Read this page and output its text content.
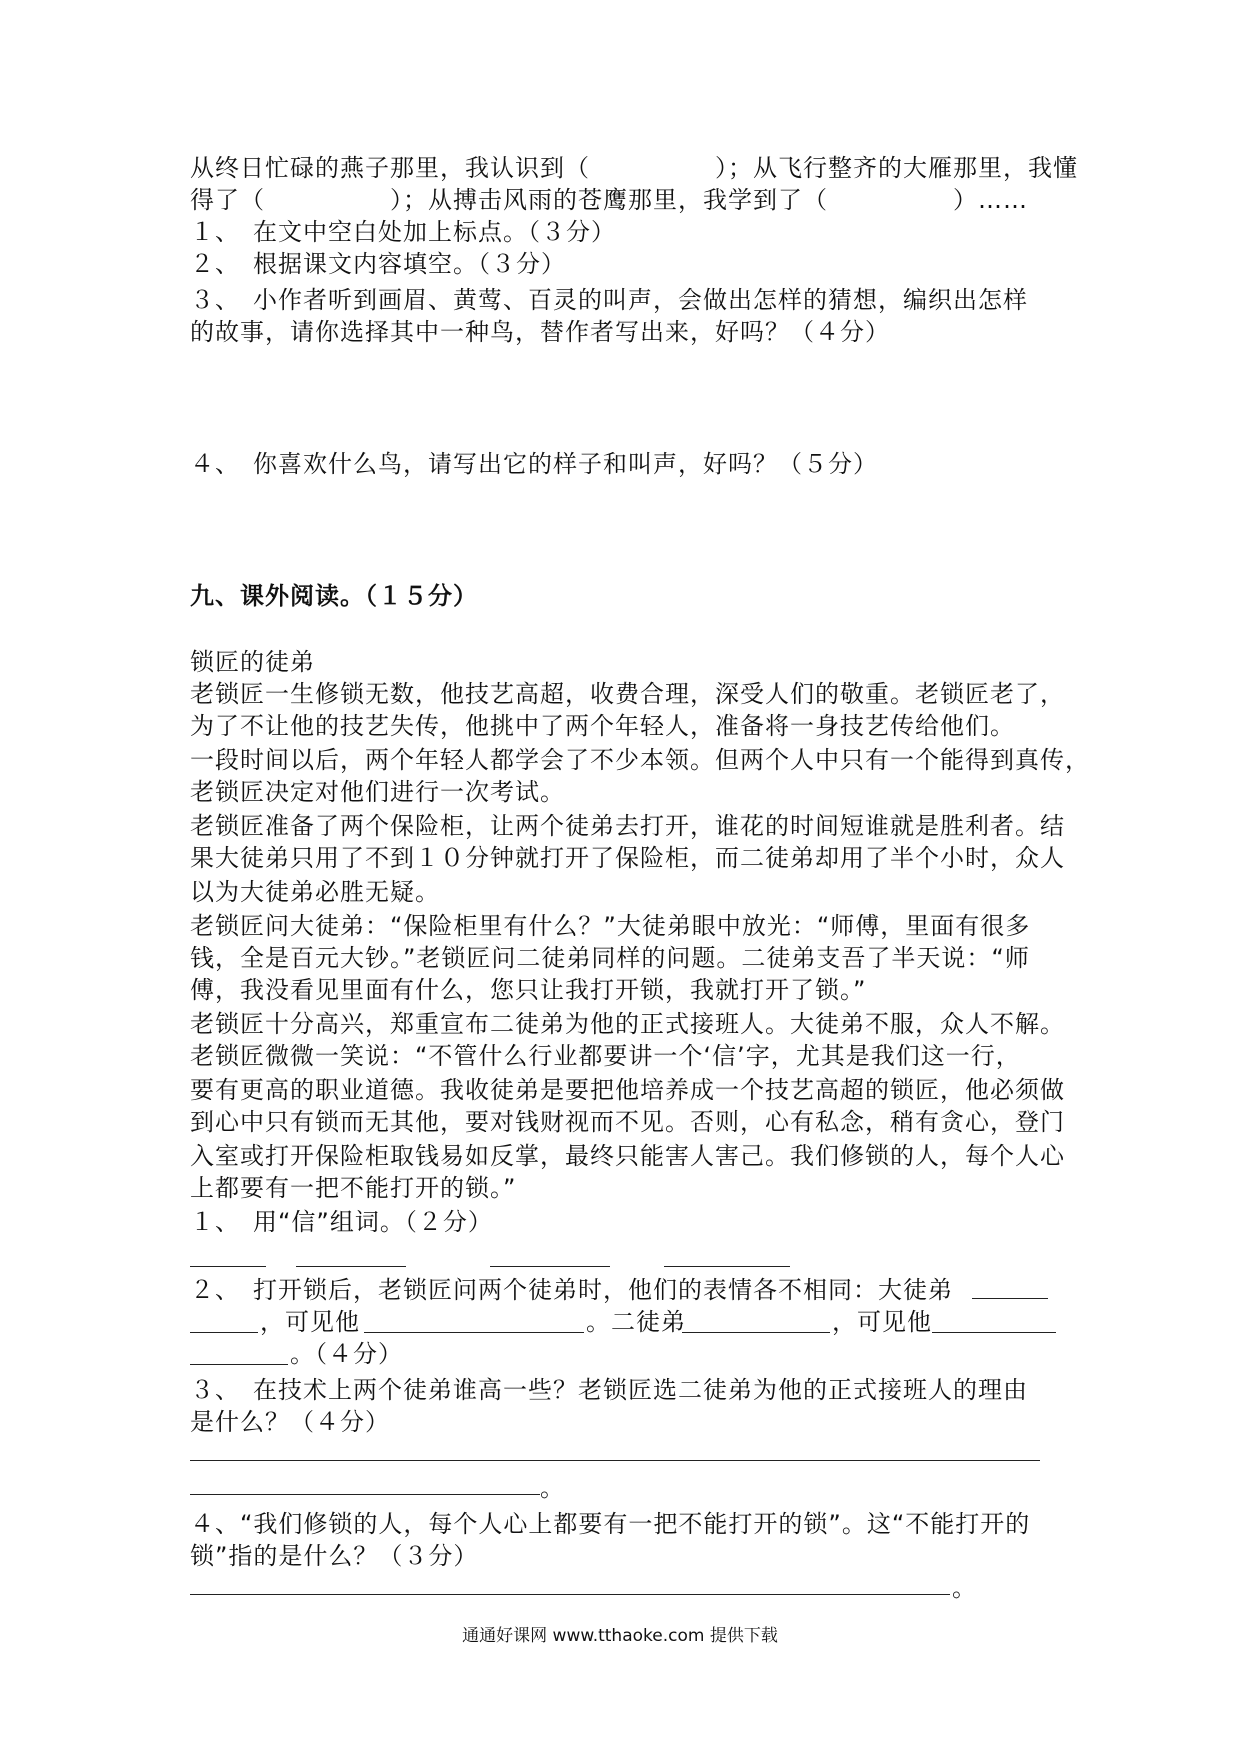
从终日忙碌的燕子那里，我认识到（　　　　　）；从飞行整齐的大雁那里，我懂
得了（　　　　　）；从搏击风雨的苍鹰那里，我学到了（　　　　　）……
１、　在文中空白处加上标点。（３分）
２、　根据课文内容填空。（３分）
３、　小作者听到画眉、黄莺、百灵的叫声，会做出怎样的猜想，编织出怎样
的故事，请你选择其中一种鸟，替作者写出来，好吗？（４分）
４、　你喜欢什么鸟，请写出它的样子和叫声，好吗？（５分）
九、课外阅读。（１５分）
锁匠的徒弟
老锁匠一生修锁无数，他技艺高超，收费合理，深受人们的敬重。老锁匠老了，
为了不让他的技艺失传，他挑中了两个年轻人，准备将一身技艺传给他们。
一段时间以后，两个年轻人都学会了不少本领。但两个人中只有一个能得到真传，
老锁匠决定对他们进行一次考试。
老锁匠准备了两个保险柜，让两个徒弟去打开，谁花的时间短谁就是胜利者。结
果大徒弟只用了不到１０分钟就打开了保险柜，而二徒弟却用了半个小时，众人
以为大徒弟必胜无疑。
老锁匠问大徒弟：“保险柜里有什么？”大徒弟眼中放光：“师傅，里面有很多
钱，全是百元大钞。”老锁匠问二徒弟同样的问题。二徒弟支吾了半天说：“师
傅，我没看见里面有什么，您只让我打开锁，我就打开了锁。”
老锁匠十分高兴，郑重宣布二徒弟为他的正式接班人。大徒弟不服，众人不解。
老锁匠微微一笑说：“不管什么行业都要讲一个‘信’字，尤其是我们这一行，
要有更高的职业道德。我收徒弟是要把他培养成一个技艺高超的锁匠，他必须做
到心中只有锁而无其他，要对钱财视而不见。否则，心有私念，稍有贪心，登门
入室或打开保险柜取钱易如反掌，最终只能害人害己。我们修锁的人，每个人心
上都要有一把不能打开的锁。”
１、　用“信”组词。（２分）
２、　打开锁后，老锁匠问两个徒弟时，他们的表情各不相同：大徒弟
，可见他	。二徒弟	，可见他
。（４分）
３、　在技术上两个徒弟谁高一些？老锁匠选二徒弟为他的正式接班人的理由
是什么？（４分）
。
４、“我们修锁的人，每个人心上都要有一把不能打开的锁”。这“不能打开的
锁”指的是什么？（３分）
。
通通好课网 www.tthaoke.com 提供下载
